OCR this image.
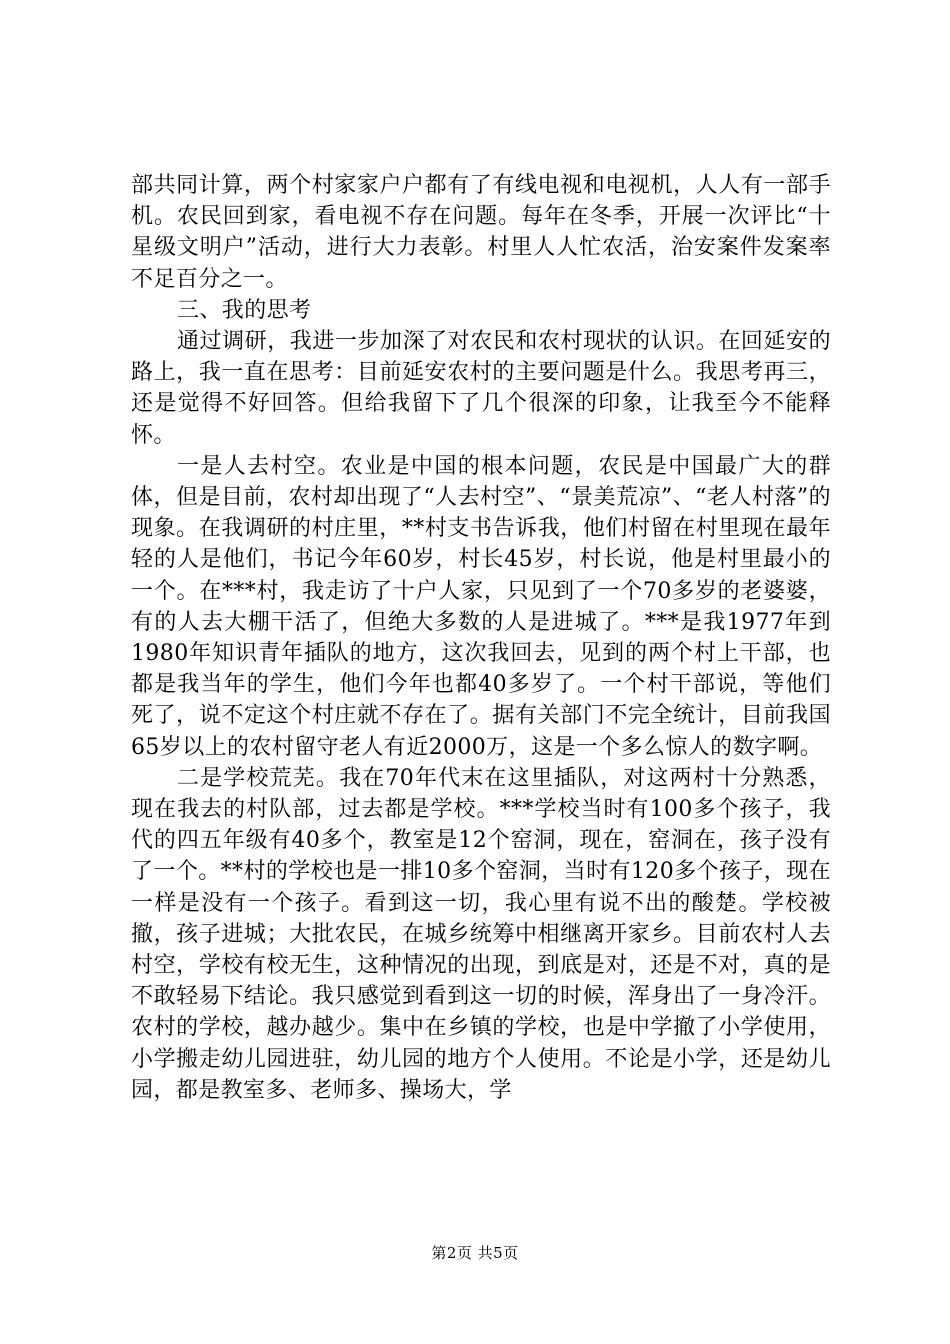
部共同计算，两个村家家户户都有了有线电视和电视机，人人有一部手机。农民回到家，看电视不存在问题。每年在冬季，开展一次评比“十星级文明户”活动，进行大力表彰。村里人人忙农活，治安案件发案率不足百分之一。

三、我的思考

通过调研，我进一步加深了对农民和农村现状的认识。在回延安的路上，我一直在思考：目前延安农村的主要问题是什么。我思考再三，还是觉得不好回答。但给我留下了几个很深的印象，让我至今不能释怀。

一是人去村空。农业是中国的根本问题，农民是中国最广大的群体，但是目前，农村却出现了“人去村空”、“景美荒凉”、“老人村落”的现象。在我调研的村庄里，**村支书告诉我，他们村留在村里现在最年轻的人是他们，书记今年60岁，村长45岁，村长说，他是村里最小的一个。在***村，我走访了十户人家，只见到了一个70多岁的老婆婆，有的人去大棚干活了，但绝大多数的人是进城了。***是我1977年到1980年知识青年插队的地方，这次我回去，见到的两个村上干部，也都是我当年的学生，他们今年也都40多岁了。一个村干部说，等他们死了，说不定这个村庄就不存在了。据有关部门不完全统计，目前我国65岁以上的农村留守老人有近2000万，这是一个多么惊人的数字啊。

二是学校荒芜。我在70年代末在这里插队，对这两村十分熟悉，现在我去的村队部，过去都是学校。***学校当时有100多个孩子，我代的四五年级有40多个，教室是12个窑洞，现在，窑洞在，孩子没有了一个。**村的学校也是一排10多个窑洞，当时有120多个孩子，现在一样是没有一个孩子。看到这一切，我心里有说不出的酸楚。学校被撤，孩子进城；大批农民，在城乡统筹中相继离开家乡。目前农村人去村空，学校有校无生，这种情况的出现，到底是对，还是不对，真的是不敢轻易下结论。我只感觉到看到这一切的时候，浑身出了一身冷汗。农村的学校，越办越少。集中在乡镇的学校，也是中学撤了小学使用，小学搬走幼儿园进驻，幼儿园的地方个人使用。不论是小学，还是幼儿园，都是教室多、老师多、操场大，学

第2页 共5页
